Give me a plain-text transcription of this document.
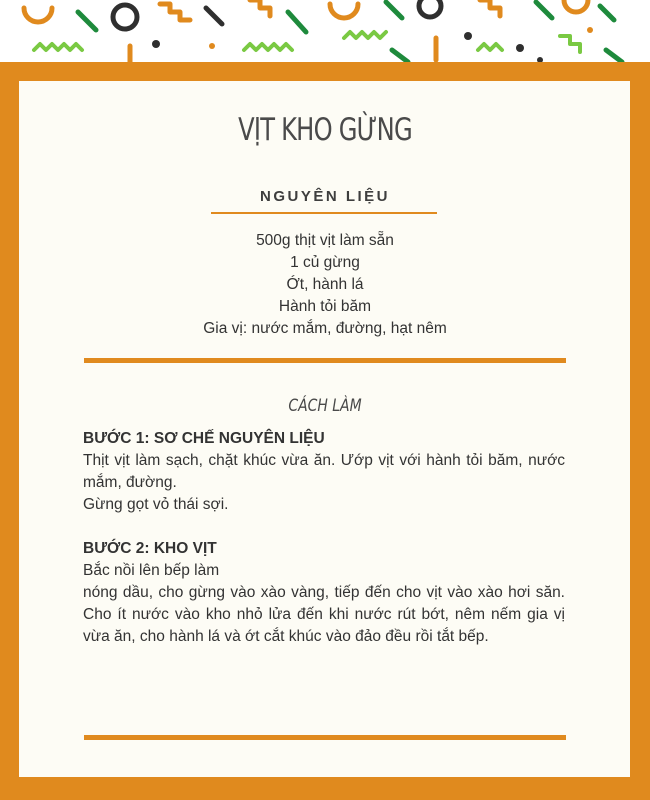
VỊT KHO GỪNG
NGUYÊN LIỆU
500g thịt vịt làm sẵn
1 củ gừng
Ớt, hành lá
Hành tỏi băm
Gia vị: nước mắm, đường, hạt nêm
CÁCH LÀM

BƯỚC 1: SƠ CHẾ NGUYÊN LIỆU

Thịt vịt làm sạch, chặt khúc vừa ăn. Ướp vịt với hành tỏi băm, nước mắm, đường.

Gừng gọt vỏ thái sợi.

BƯỚC 2: KHO VỊT

Bắc nồi lên bếp làm

nóng dầu, cho gừng vào xào vàng, tiếp đến cho vịt vào xào hơi săn. Cho ít nước vào kho nhỏ lửa đến khi nước rút bớt, nêm nếm gia vị vừa ăn, cho hành lá và ớt cắt khúc vào đảo đều rồi tắt bếp.
